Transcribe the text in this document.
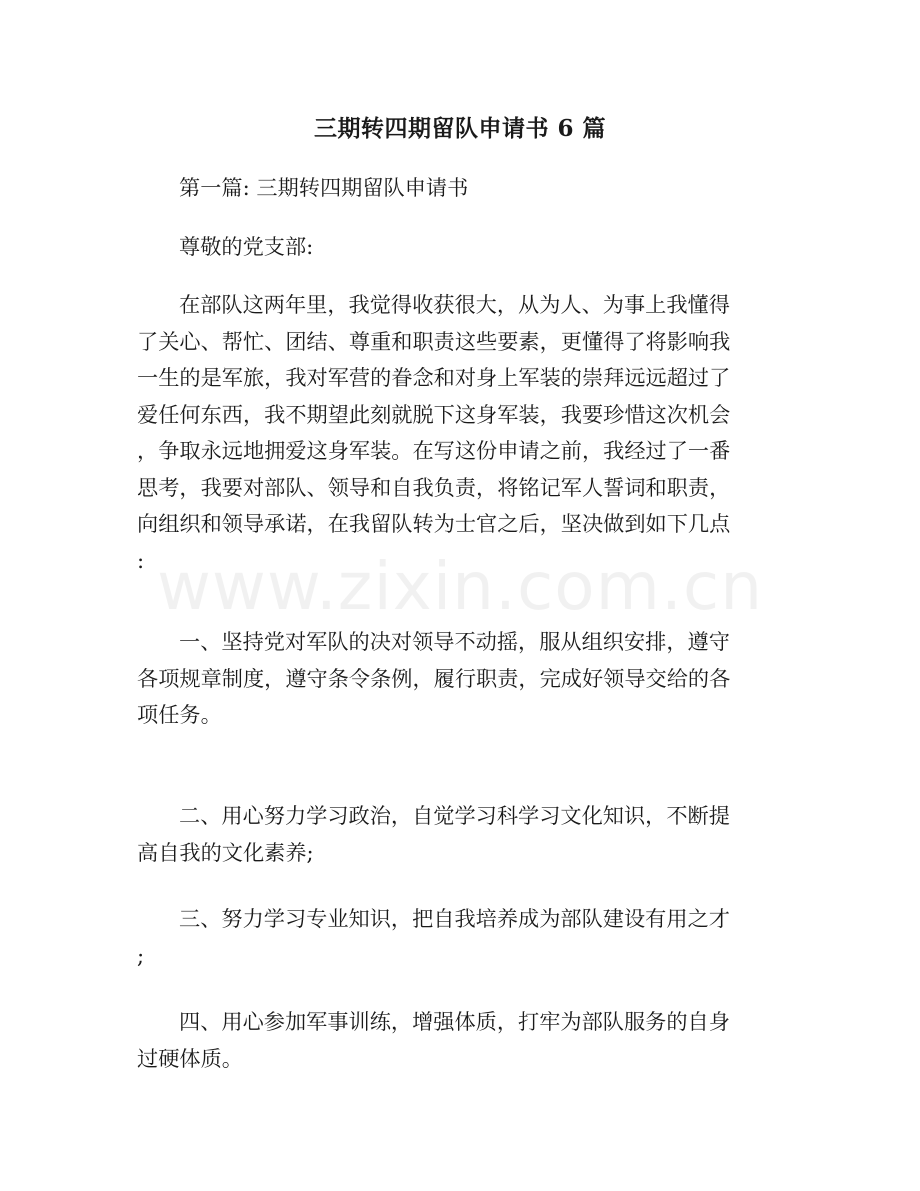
www.zixin.com.cn
三期转四期留队申请书 6 篇

第一篇: 三期转四期留队申请书

尊敬的党支部:

在部队这两年里，我觉得收获很大，从为人、为事上我懂得
了关心、帮忙、团结、尊重和职责这些要素，更懂得了将影响我
一生的是军旅，我对军营的眷念和对身上军装的崇拜远远超过了
爱任何东西，我不期望此刻就脱下这身军装，我要珍惜这次机会
，争取永远地拥爱这身军装。在写这份申请之前，我经过了一番
思考，我要对部队、领导和自我负责，将铭记军人誓词和职责，
向组织和领导承诺，在我留队转为士官之后，坚决做到如下几点
:

一、坚持党对军队的决对领导不动摇，服从组织安排，遵守
各项规章制度，遵守条令条例，履行职责，完成好领导交给的各
项任务。

二、用心努力学习政治，自觉学习科学习文化知识，不断提
高自我的文化素养;

三、努力学习专业知识，把自我培养成为部队建设有用之才
;

四、用心参加军事训练，增强体质，打牢为部队服务的自身
过硬体质。
